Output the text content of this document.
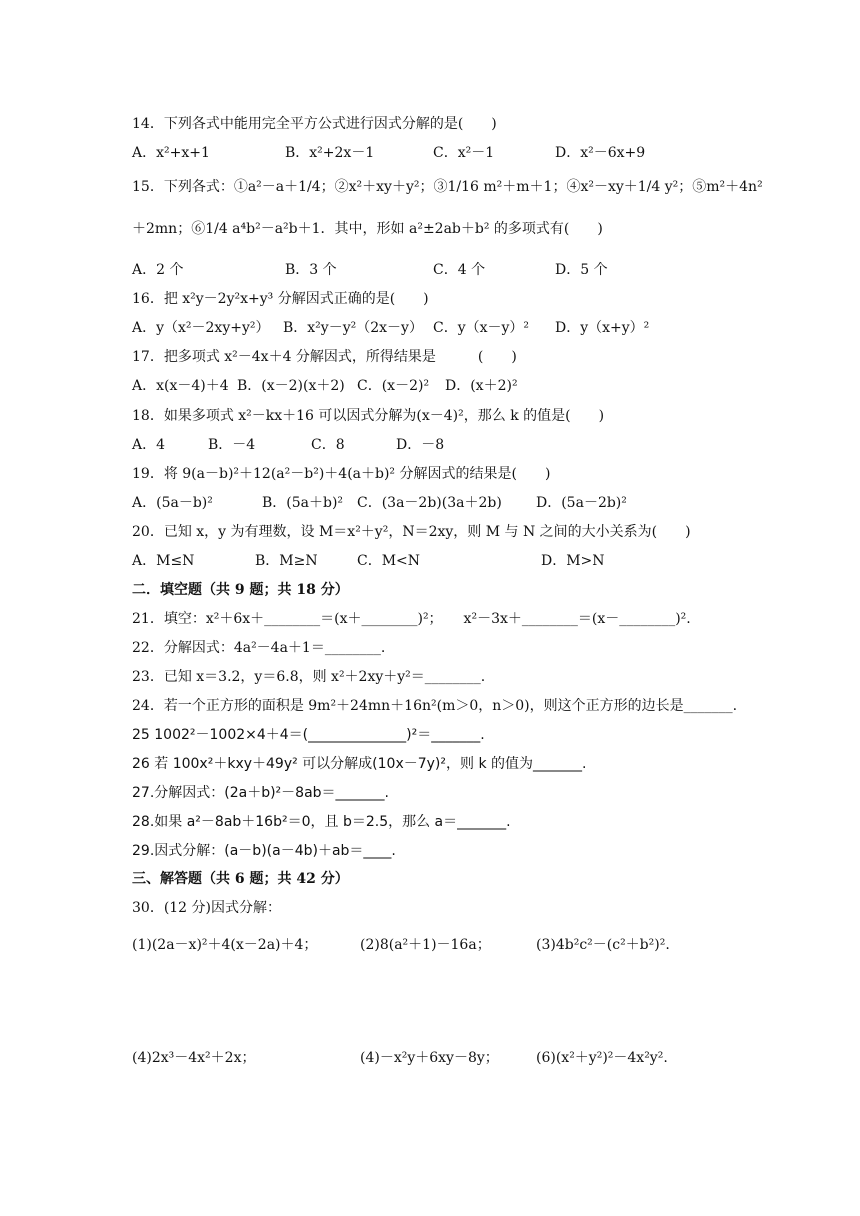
14．下列各式中能用完全平方公式进行因式分解的是(　　)
A．x²+x+1	B．x²+2x－1	C．x²－1	D．x²－6x+9
15．下列各式：①a²－a＋1/4；②x²＋xy＋y²；③1/16 m²＋m＋1；④x²－xy＋1/4 y²；⑤m²＋4n²
＋2mn；⑥1/4 a⁴b²－a²b＋1．其中，形如 a²±2ab＋b² 的多项式有(　　)
A．2 个	B．3 个	C．4 个	D．5 个
16．把 x²y－2y²x+y³ 分解因式正确的是(　　)
A．y（x²－2xy+y²） B．x²y－y²（2x－y） C．y（x－y）² D．y（x+y）²
17．把多项式 x²－4x＋4 分解因式，所得结果是　　　(　　)
A．x(x－4)＋4 B．(x－2)(x＋2) C．(x－2)² D．(x＋2)²
18．如果多项式 x²－kx＋16 可以因式分解为(x－4)²，那么 k 的值是(　　)
A．4	B．－4	C．8	D．－8
19．将 9(a－b)²＋12(a²－b²)＋4(a＋b)² 分解因式的结果是(　　)
A．(5a－b)²	B．(5a＋b)² C．(3a－2b)(3a＋2b) D．(5a－2b)²
20．已知 x，y 为有理数，设 M＝x²＋y²，N＝2xy，则 M 与 N 之间的大小关系为(　　)
A．M≤N	B．M≥N	C．M<N	D．M>N
二．填空题（共 9 题；共 18 分）
21．填空：x²＋6x＋________＝(x＋________)²；　　x²－3x＋________＝(x－________)².
22．分解因式：4a²－4a＋1＝________.
23．已知 x＝3.2，y＝6.8，则 x²＋2xy＋y²＝________.
24．若一个正方形的面积是 9m²＋24mn＋16n²(m＞0，n＞0)，则这个正方形的边长是_______.
25 1002²－1002×4＋4＝(______________)²＝_______.
26 若 100x²＋kxy＋49y² 可以分解成(10x－7y)²，则 k 的值为_______.
27.分解因式：(2a＋b)²－8ab＝_______.
28.如果 a²－8ab＋16b²＝0，且 b＝2.5，那么 a＝_______.
29.因式分解：(a－b)(a－4b)＋ab＝____.
三、解答题（共 6 题；共 42 分）
30．(12 分)因式分解：
(1)(2a－x)²＋4(x－2a)＋4；	(2)8(a²＋1)－16a；	(3)4b²c²－(c²＋b²)².
(4)2x³－4x²＋2x；	(4)－x²y＋6xy－8y；	(6)(x²＋y²)²－4x²y².
